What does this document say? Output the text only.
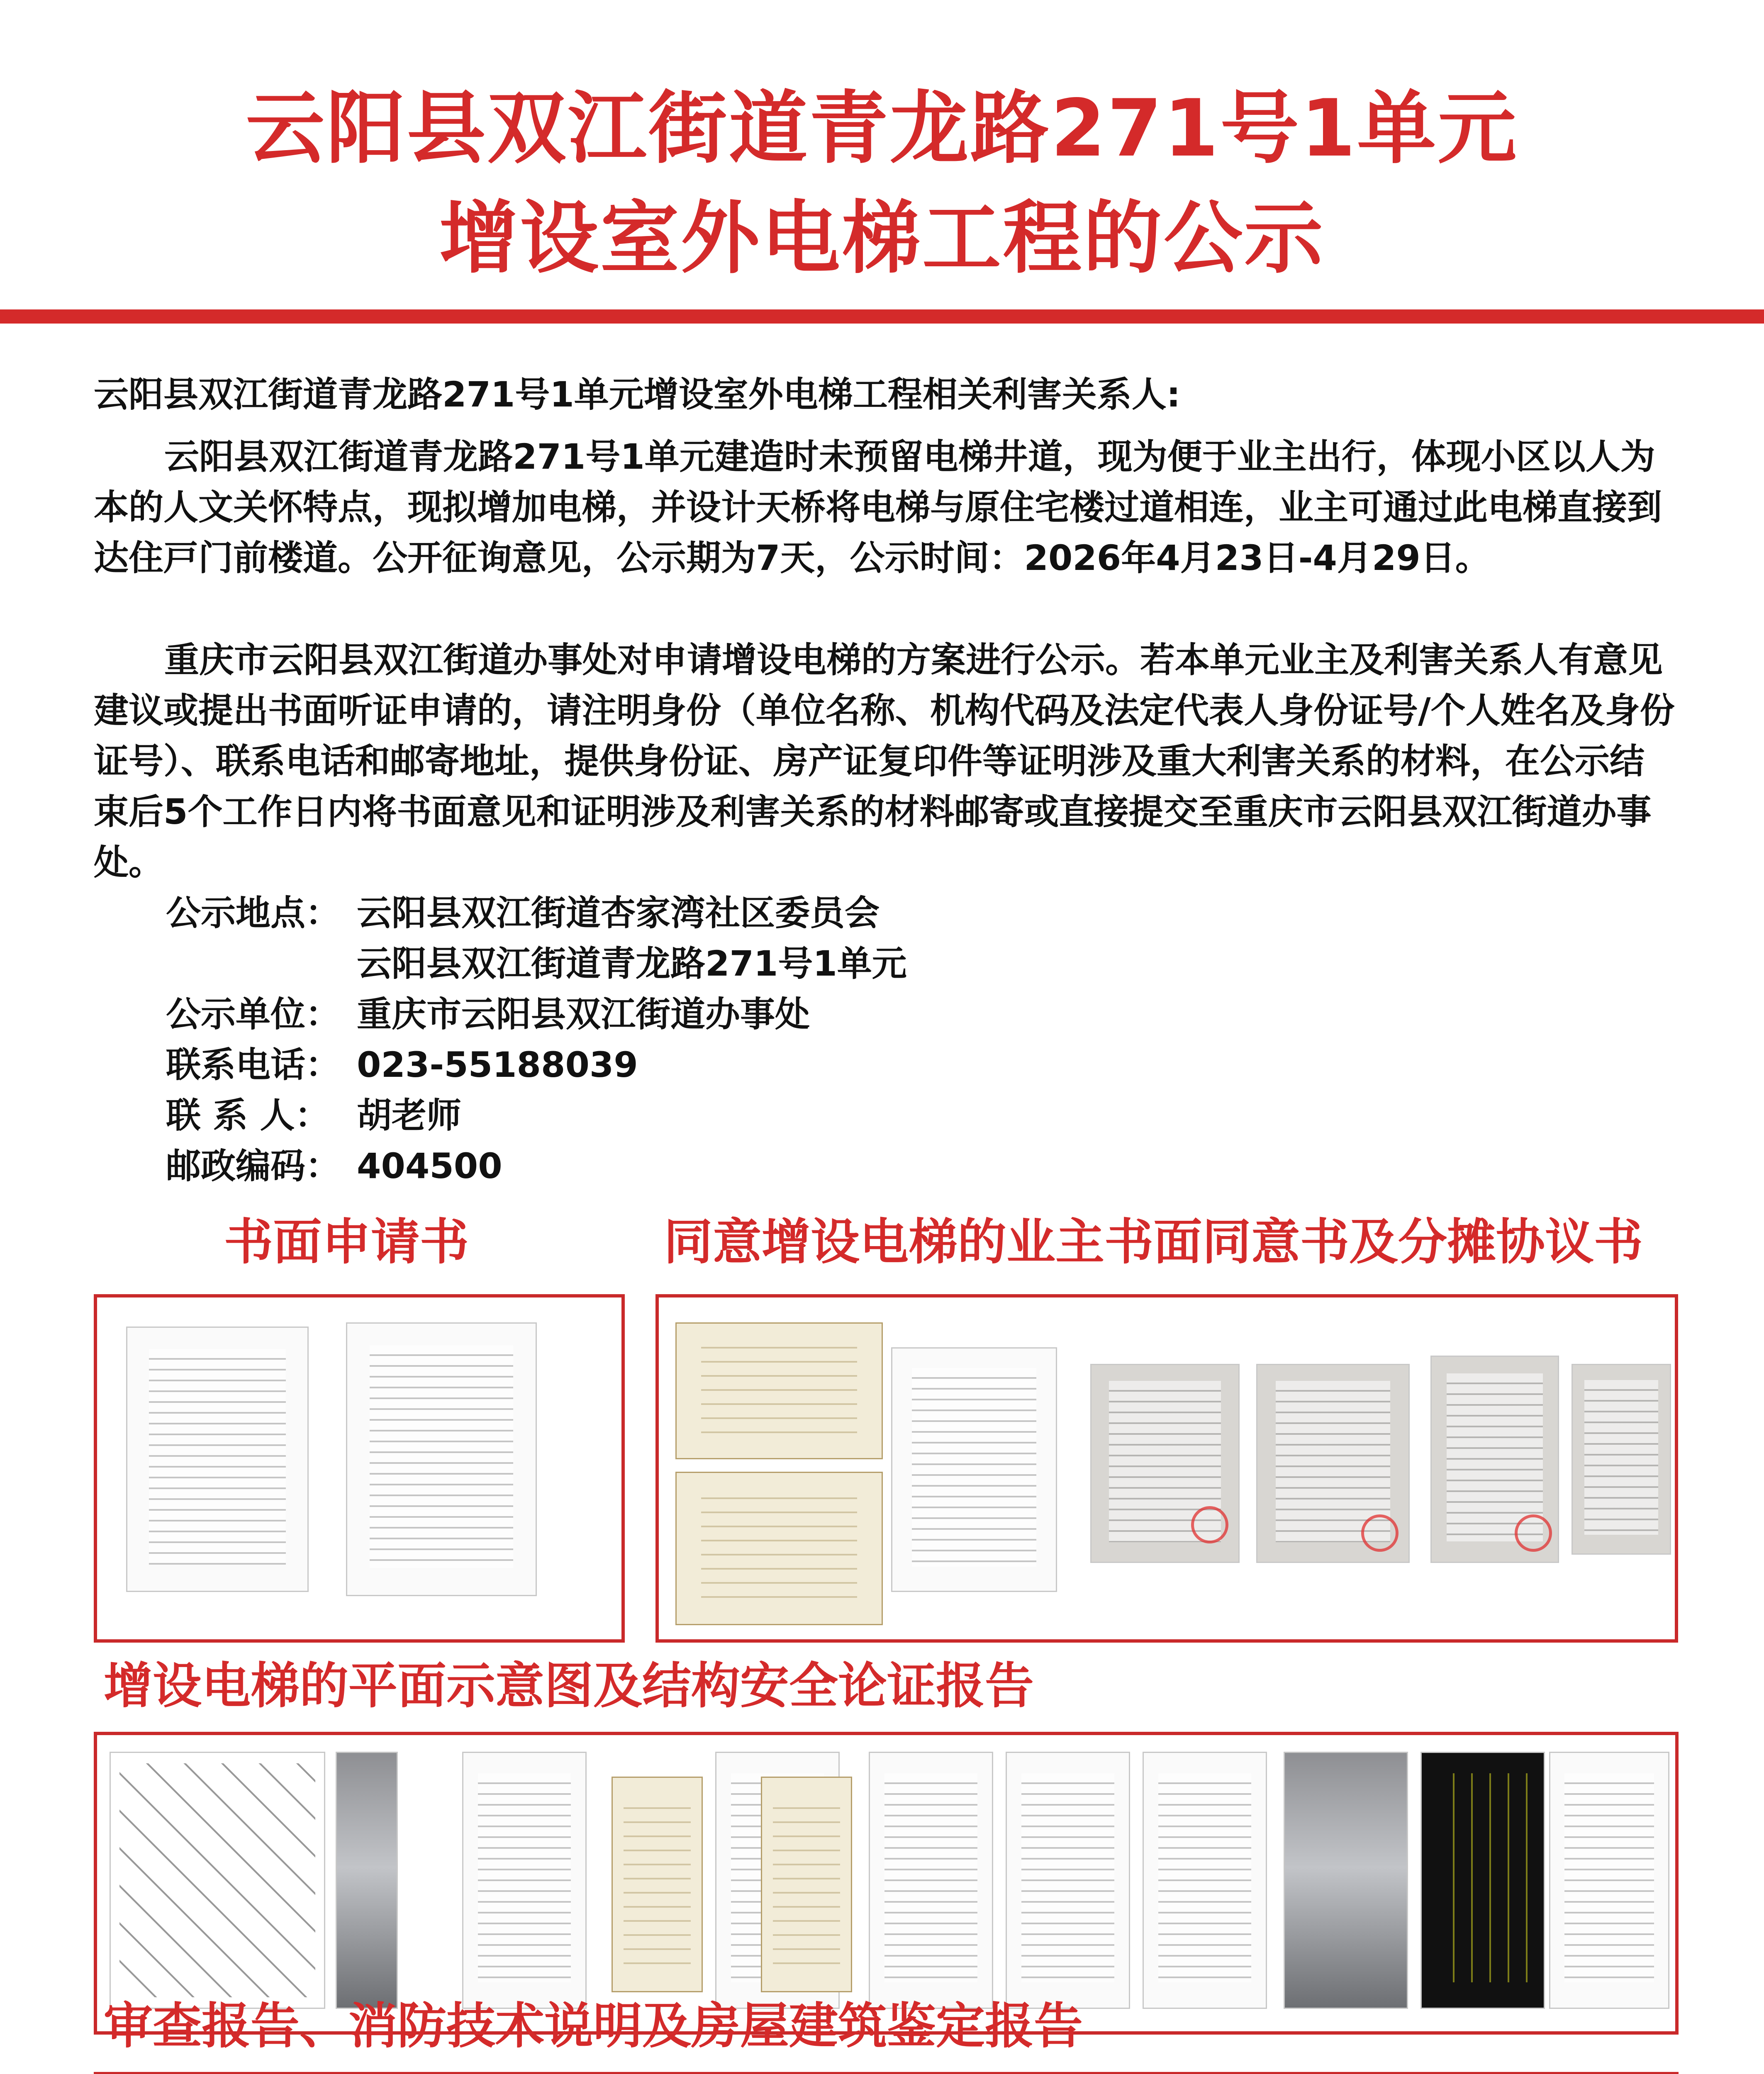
云阳县双江街道青龙路271号1单元
增设室外电梯工程的公示
云阳县双江街道青龙路271号1单元增设室外电梯工程相关利害关系人:
云阳县双江街道青龙路271号1单元建造时未预留电梯井道，现为便于业主出行，体现小区以人为本的人文关怀特点，现拟增加电梯，并设计天桥将电梯与原住宅楼过道相连，业主可通过此电梯直接到达住戸门前楼道。公开征询意见，公示期为7天，公示时间：2026年4月23日-4月29日。
重庆市云阳县双江街道办事处对申请增设电梯的方案进行公示。若本单元业主及利害关系人有意见建议或提出书面听证申请的，请注明身份（单位名称、机构代码及法定代表人身份证号/个人姓名及身份证号）、联系电话和邮寄地址，提供身份证、房产证复印件等证明涉及重大利害关系的材料，在公示结束后5个工作日内将书面意见和证明涉及利害关系的材料邮寄或直接提交至重庆市云阳县双江街道办事处。
公示地点： 云阳县双江街道杏家湾社区委员会
云阳县双江街道青龙路271号1单元
公示单位： 重庆市云阳县双江街道办事处
联系电话： 023-55188039
联 系 人： 胡老师
邮政编码： 404500
书面申请书	同意增设电梯的业主书面同意书及分摊协议书
增设电梯的平面示意图及结构安全论证报告
审查报告、消防技术说明及房屋建筑鉴定报告
